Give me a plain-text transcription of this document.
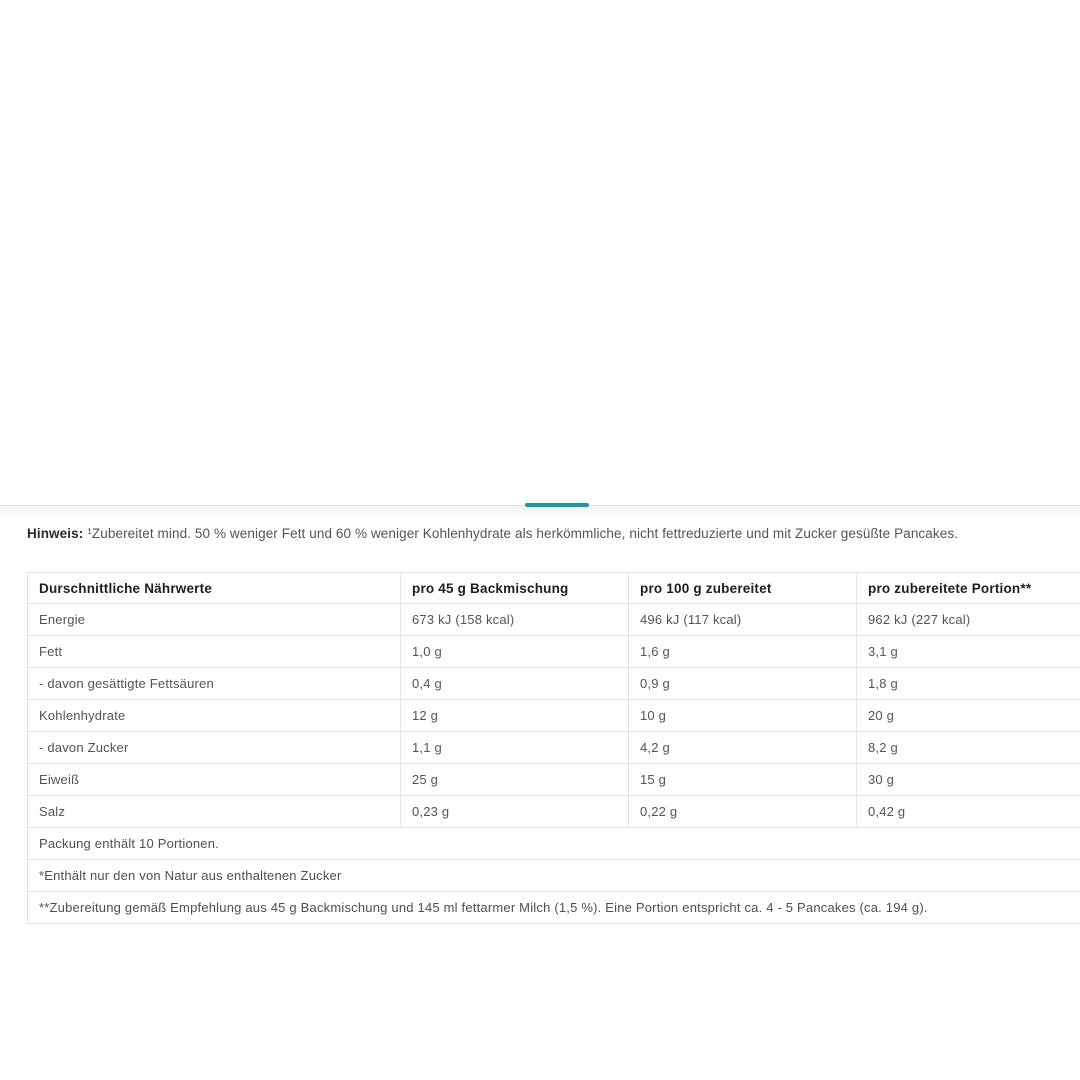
Hinweis: ¹Zubereitet mind. 50 % weniger Fett und 60 % weniger Kohlenhydrate als herkömmliche, nicht fettreduzierte und mit Zucker gesüßte Pancakes.

Durschnittliche Nährwerte	pro 45 g Backmischung	pro 100 g zubereitet	pro zubereitete Portion**
Energie	673 kJ (158 kcal)	496 kJ (117 kcal)	962 kJ (227 kcal)
Fett	1,0 g	1,6 g	3,1 g
- davon gesättigte Fettsäuren	0,4 g	0,9 g	1,8 g
Kohlenhydrate	12 g	10 g	20 g
- davon Zucker	1,1 g	4,2 g	8,2 g
Eiweiß	25 g	15 g	30 g
Salz	0,23 g	0,22 g	0,42 g
Packung enthält 10 Portionen.			
*Enthält nur den von Natur aus enthaltenen Zucker			
**Zubereitung gemäß Empfehlung aus 45 g Backmischung und 145 ml fettarmer Milch (1,5 %). Eine Portion entspricht ca. 4 - 5 Pancakes (ca. 194 g).			
